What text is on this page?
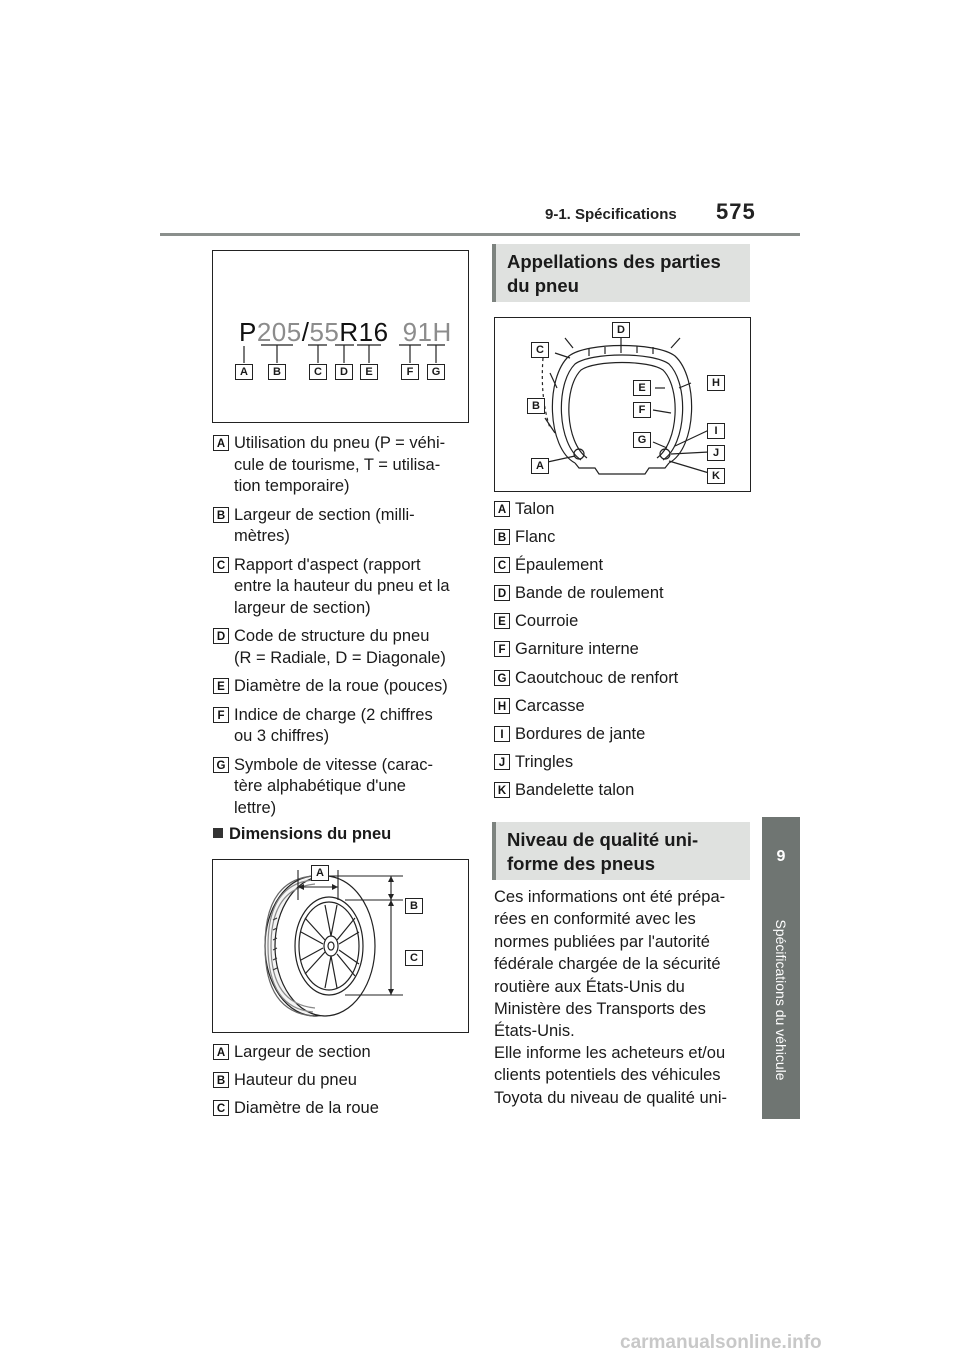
9-1. Spécifications 575
9
Spécifications du véhicule
P205/55R16 91H
A	B	C	D	E	F	G
A Utilisation du pneu (P = véhi-
cule de tourisme, T = utilisa-
tion temporaire)
B Largeur de section (milli-
mètres)
C Rapport d'aspect (rapport
entre la hauteur du pneu et la
largeur de section)
D Code de structure du pneu
(R = Radiale, D = Diagonale)
E Diamètre de la roue (pouces)
F Indice de charge (2 chiffres
ou 3 chiffres)
G Symbole de vitesse (carac-
tère alphabétique d'une
lettre)
Dimensions du pneu
A
B
C
A Largeur de section
B Hauteur du pneu
C Diamètre de la roue
Appellations des parties
du pneu
A
B
C
D
E
F
G
H
I
J
K
A Talon
B Flanc
C Épaulement
D Bande de roulement
E Courroie
F Garniture interne
G Caoutchouc de renfort
H Carcasse
I Bordures de jante
J Tringles
K Bandelette talon
Niveau de qualité uni-
forme des pneus
Ces informations ont été prépa-
rées en conformité avec les
normes publiées par l'autorité
fédérale chargée de la sécurité
routière aux États-Unis du
Ministère des Transports des
États-Unis.
Elle informe les acheteurs et/ou
clients potentiels des véhicules
Toyota du niveau de qualité uni-
carmanualsonline.info
